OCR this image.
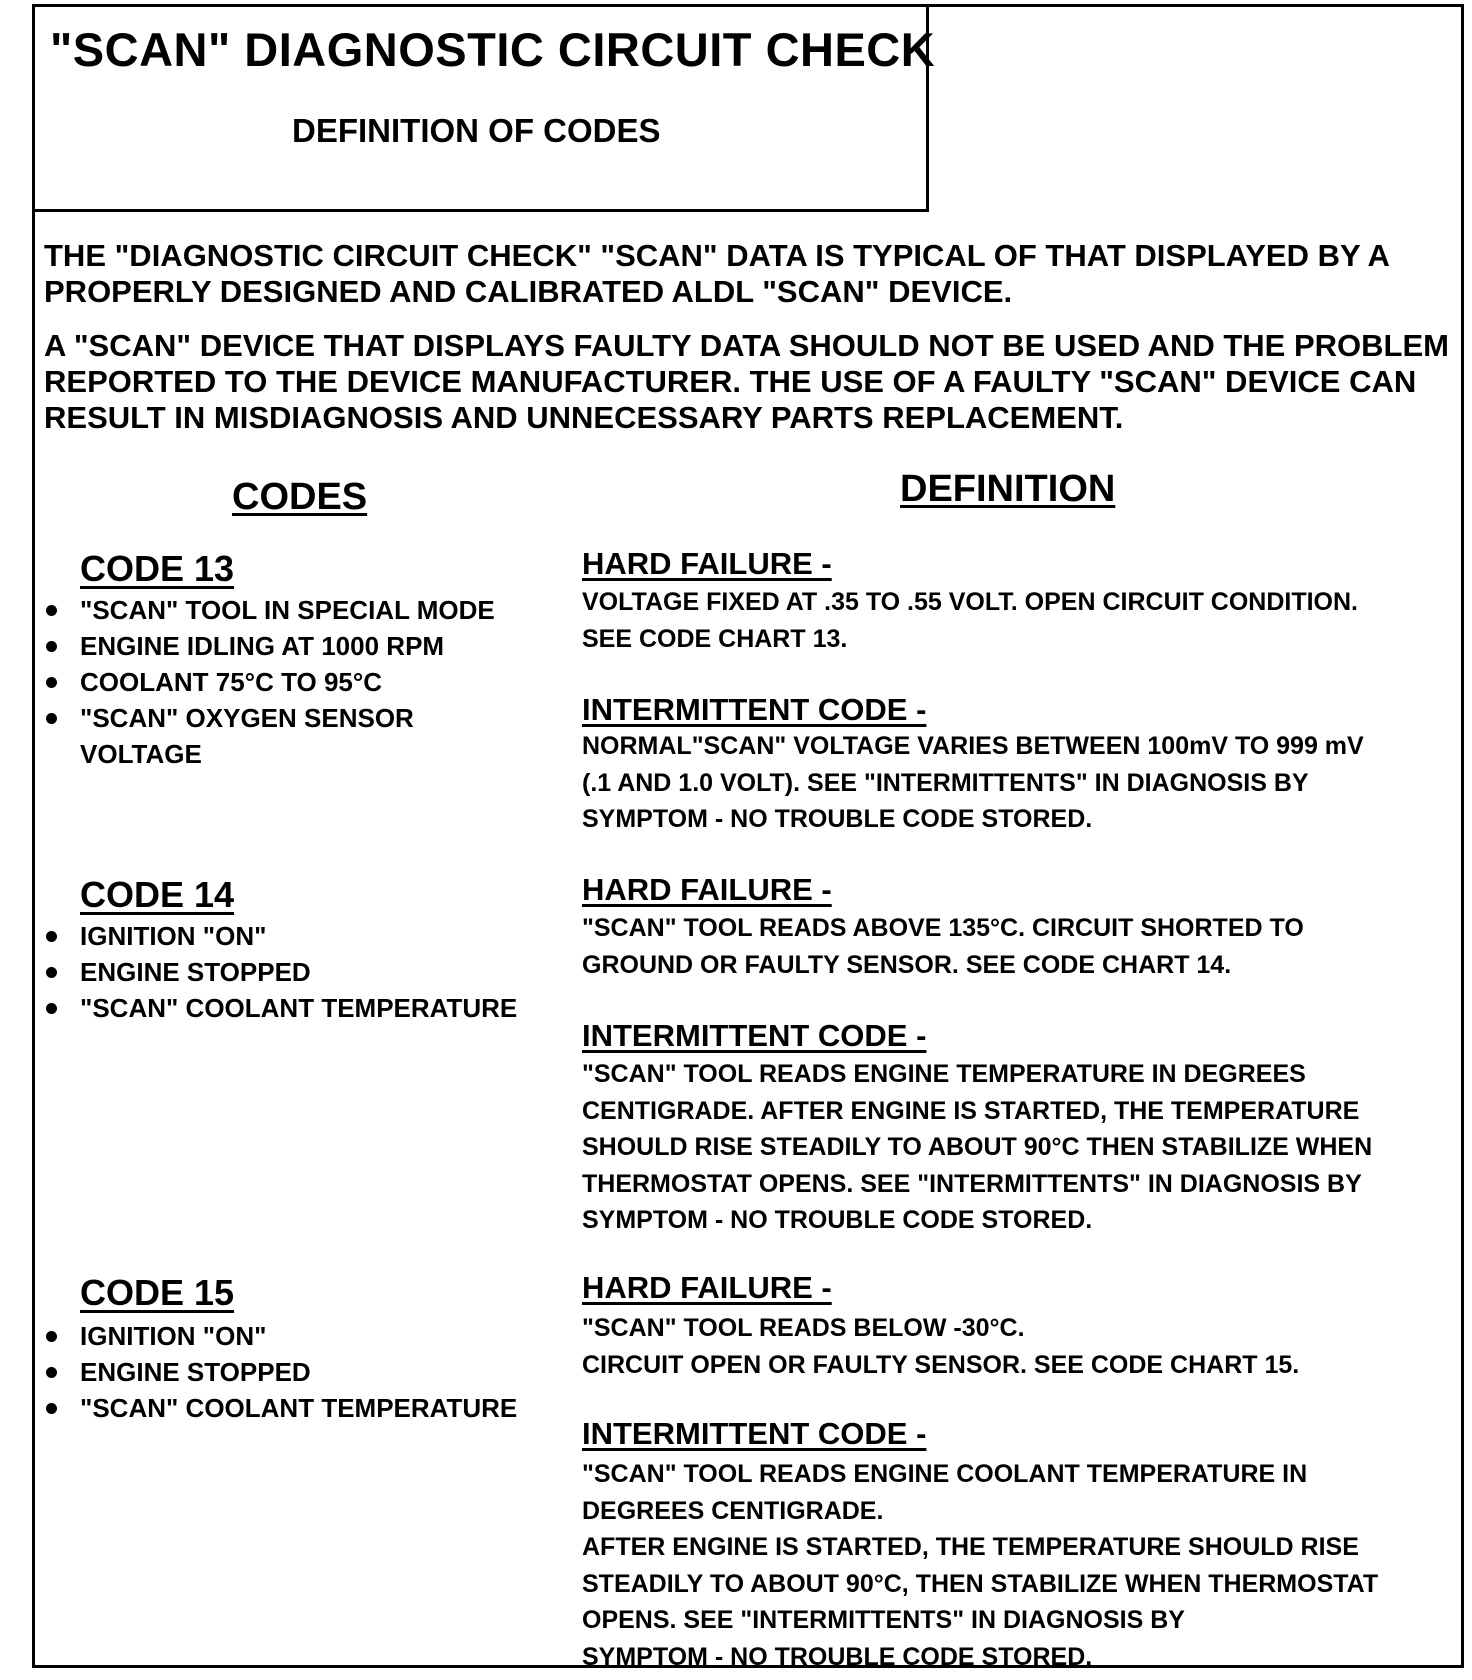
"SCAN" DIAGNOSTIC CIRCUIT CHECK
DEFINITION OF CODES

THE "DIAGNOSTIC CIRCUIT CHECK" "SCAN" DATA IS TYPICAL OF THAT DISPLAYED BY A PROPERLY DESIGNED AND CALIBRATED ALDL "SCAN" DEVICE.

A "SCAN" DEVICE THAT DISPLAYS FAULTY DATA SHOULD NOT BE USED AND THE PROBLEM REPORTED TO THE DEVICE MANUFACTURER. THE USE OF A FAULTY "SCAN" DEVICE CAN RESULT IN MISDIAGNOSIS AND UNNECESSARY PARTS REPLACEMENT.

CODES	DEFINITION
CODE 13
"SCAN" TOOL IN SPECIAL MODE
ENGINE IDLING AT 1000 RPM
COOLANT 75°C TO 95°C
"SCAN" OXYGEN SENSOR VOLTAGE

HARD FAILURE -

VOLTAGE FIXED AT .35 TO .55 VOLT. OPEN CIRCUIT CONDITION.
SEE CODE CHART 13.

INTERMITTENT CODE -

NORMAL"SCAN" VOLTAGE VARIES BETWEEN 100mV TO 999 mV
(.1 AND 1.0 VOLT). SEE "INTERMITTENTS" IN DIAGNOSIS BY
SYMPTOM - NO TROUBLE CODE STORED.
CODE 14
IGNITION "ON"
ENGINE STOPPED
"SCAN" COOLANT TEMPERATURE

HARD FAILURE -

"SCAN" TOOL READS ABOVE 135°C. CIRCUIT SHORTED TO
GROUND OR FAULTY SENSOR. SEE CODE CHART 14.

INTERMITTENT CODE -

"SCAN" TOOL READS ENGINE TEMPERATURE IN DEGREES
CENTIGRADE. AFTER ENGINE IS STARTED, THE TEMPERATURE
SHOULD RISE STEADILY TO ABOUT 90°C THEN STABILIZE WHEN
THERMOSTAT OPENS. SEE "INTERMITTENTS" IN DIAGNOSIS BY
SYMPTOM - NO TROUBLE CODE STORED.
CODE 15
IGNITION "ON"
ENGINE STOPPED
"SCAN" COOLANT TEMPERATURE

HARD FAILURE -

"SCAN" TOOL READS BELOW -30°C.
CIRCUIT OPEN OR FAULTY SENSOR. SEE CODE CHART 15.

INTERMITTENT CODE -

"SCAN" TOOL READS ENGINE COOLANT TEMPERATURE IN
DEGREES CENTIGRADE.
AFTER ENGINE IS STARTED, THE TEMPERATURE SHOULD RISE
STEADILY TO ABOUT 90°C, THEN STABILIZE WHEN THERMOSTAT
OPENS. SEE "INTERMITTENTS" IN DIAGNOSIS BY
SYMPTOM - NO TROUBLE CODE STORED.
